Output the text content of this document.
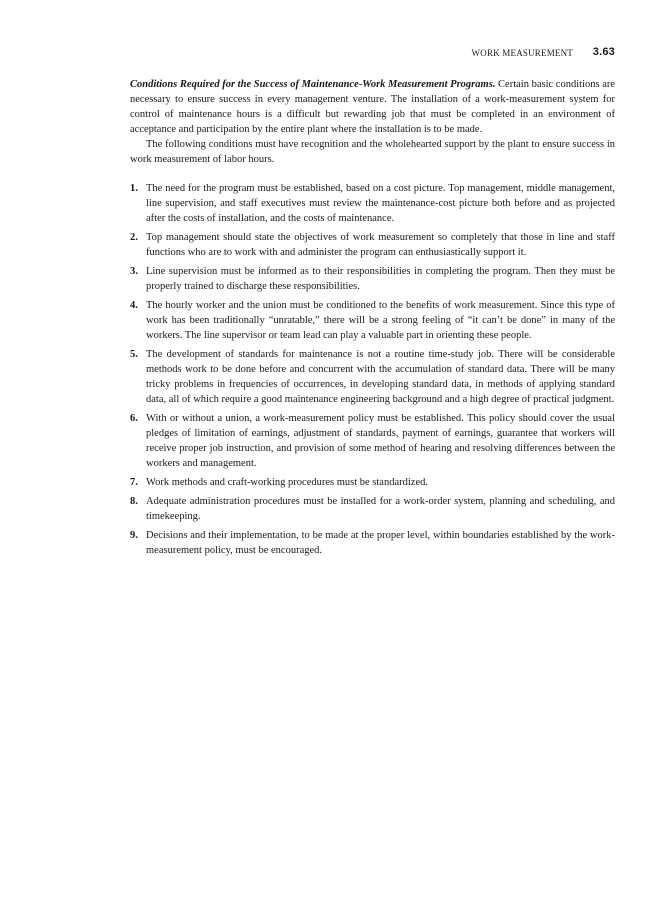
WORK MEASUREMENT 3.63

Conditions Required for the Success of Maintenance-Work Measurement Programs. Certain basic conditions are necessary to ensure success in every management venture. The installation of a work-measurement system for control of maintenance hours is a difficult but rewarding job that must be completed in an environment of acceptance and participation by the entire plant where the installation is to be made.

The following conditions must have recognition and the wholehearted support by the plant to ensure success in work measurement of labor hours.

1. The need for the program must be established, based on a cost picture. Top management, middle management, line supervision, and staff executives must review the maintenance-cost picture both before and as projected after the costs of installation, and the costs of maintenance.
2. Top management should state the objectives of work measurement so completely that those in line and staff functions who are to work with and administer the program can enthusiastically support it.
3. Line supervision must be informed as to their responsibilities in completing the program. Then they must be properly trained to discharge these responsibilities.
4. The hourly worker and the union must be conditioned to the benefits of work measurement. Since this type of work has been traditionally “unratable,” there will be a strong feeling of “it can’t be done” in many of the workers. The line supervisor or team lead can play a valuable part in orienting these people.
5. The development of standards for maintenance is not a routine time-study job. There will be considerable methods work to be done before and concurrent with the accumulation of standard data. There will be many tricky problems in frequencies of occurrences, in developing standard data, in methods of applying standard data, all of which require a good maintenance engineering background and a high degree of practical judgment.
6. With or without a union, a work-measurement policy must be established. This policy should cover the usual pledges of limitation of earnings, adjustment of standards, payment of earnings, guarantee that workers will receive proper job instruction, and provision of some method of hearing and resolving differences between the workers and management.
7. Work methods and craft-working procedures must be standardized.
8. Adequate administration procedures must be installed for a work-order system, planning and scheduling, and timekeeping.
9. Decisions and their implementation, to be made at the proper level, within boundaries established by the work-measurement policy, must be encouraged.
